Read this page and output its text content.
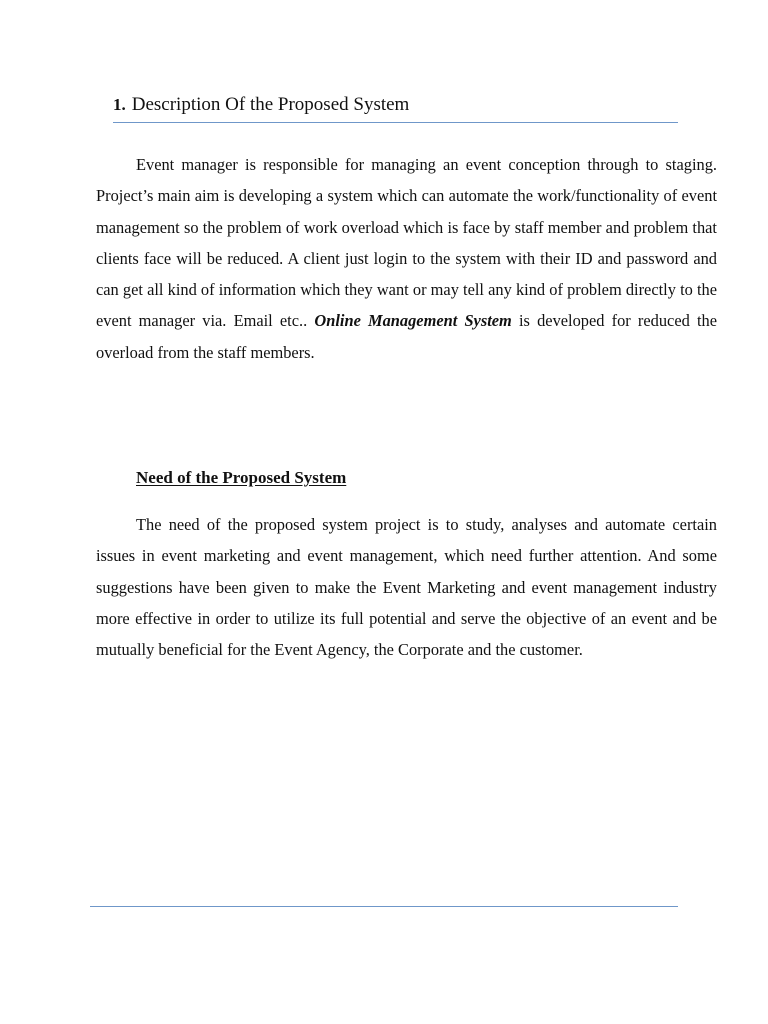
1. Description Of the Proposed System

Event manager is responsible for managing an event conception through to staging. Project’s main aim is developing a system which can automate the work/functionality of event management so the problem of work overload which is face by staff member and problem that clients face will be reduced. A client just login to the system with their ID and password and can get all kind of information which they want or may tell any kind of problem directly to the event manager via. Email etc.. Online Management System is developed for reduced the overload from the staff members.

Need of the Proposed System

The need of the proposed system project is to study, analyses and automate certain issues in event marketing and event management, which need further attention. And some suggestions have been given to make the Event Marketing and event management industry more effective in order to utilize its full potential and serve the objective of an event and be mutually beneficial for the Event Agency, the Corporate and the customer.
